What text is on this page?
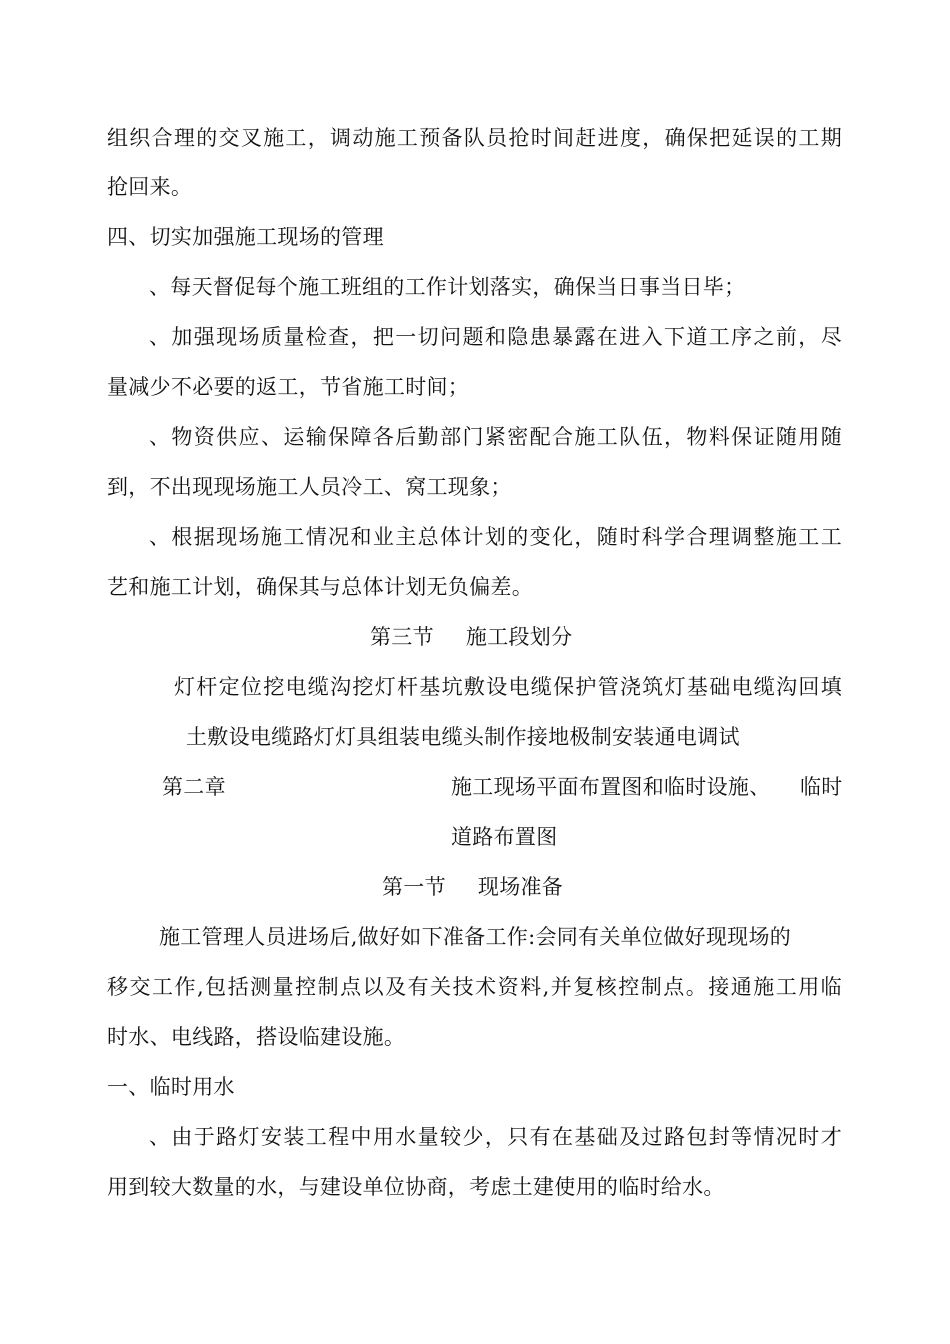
组织合理的交叉施工，调动施工预备队员抢时间赶进度，确保把延误的工期
抢回来。
四、切实加强施工现场的管理
、每天督促每个施工班组的工作计划落实，确保当日事当日毕；
、加强现场质量检查，把一切问题和隐患暴露在进入下道工序之前，尽
量减少不必要的返工，节省施工时间；
、物资供应、运输保障各后勤部门紧密配合施工队伍，物料保证随用随
到，不出现现场施工人员冷工、窝工现象；
、根据现场施工情况和业主总体计划的变化，随时科学合理调整施工工
艺和施工计划，确保其与总体计划无负偏差。
第三节 施工段划分
灯杆定位挖电缆沟挖灯杆基坑敷设电缆保护管浇筑灯基础电缆沟回填
土敷设电缆路灯灯具组装电缆头制作接地极制安装通电调试
第二章	施工现场平面布置图和临时设施、 临时
道路布置图
第一节 现场准备
施工管理人员进场后,做好如下准备工作:会同有关单位做好现现场的
移交工作,包括测量控制点以及有关技术资料,并复核控制点。接通施工用临
时水、电线路，搭设临建设施。
一、临时用水
、由于路灯安装工程中用水量较少，只有在基础及过路包封等情况时才
用到较大数量的水，与建设单位协商，考虑土建使用的临时给水。
